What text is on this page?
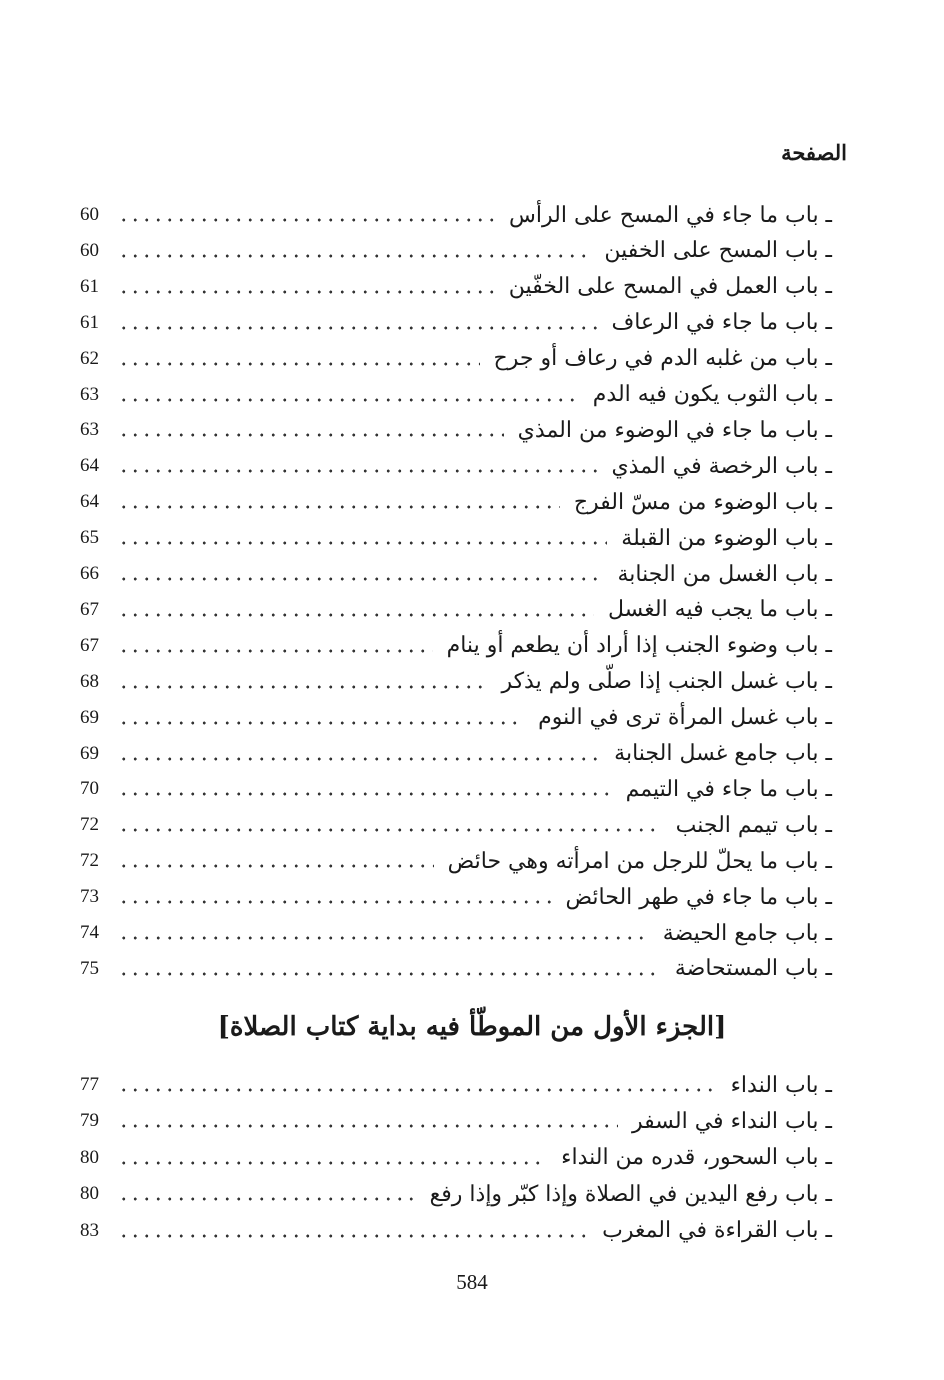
الصفحة
ـ باب ما جاء في المسح على الرأس
60
ـ باب المسح على الخفين
60
ـ باب العمل في المسح على الخفّين
61
ـ باب ما جاء في الرعاف
61
ـ باب من غلبه الدم في رعاف أو جرح
62
ـ باب الثوب يكون فيه الدم
63
ـ باب ما جاء في الوضوء من المذي
63
ـ باب الرخصة في المذي
64
ـ باب الوضوء من مسّ الفرج
64
ـ باب الوضوء من القبلة
65
ـ باب الغسل من الجنابة
66
ـ باب ما يجب فيه الغسل
67
ـ باب وضوء الجنب إذا أراد أن يطعم أو ينام
67
ـ باب غسل الجنب إذا صلّى ولم يذكر
68
ـ باب غسل المرأة ترى في النوم
69
ـ باب جامع غسل الجنابة
69
ـ باب ما جاء في التيمم
70
ـ باب تيمم الجنب
72
ـ باب ما يحلّ للرجل من امرأته وهي حائض
72
ـ باب ما جاء في طهر الحائض
73
ـ باب جامع الحيضة
74
ـ باب المستحاضة
75
[الجزء الأول من الموطّأ فيه بداية كتاب الصلاة]
ـ باب النداء
77
ـ باب النداء في السفر
79
ـ باب السحور، قدره من النداء
80
ـ باب رفع اليدين في الصلاة وإذا كبّر وإذا رفع
80
ـ باب القراءة في المغرب
83
584
